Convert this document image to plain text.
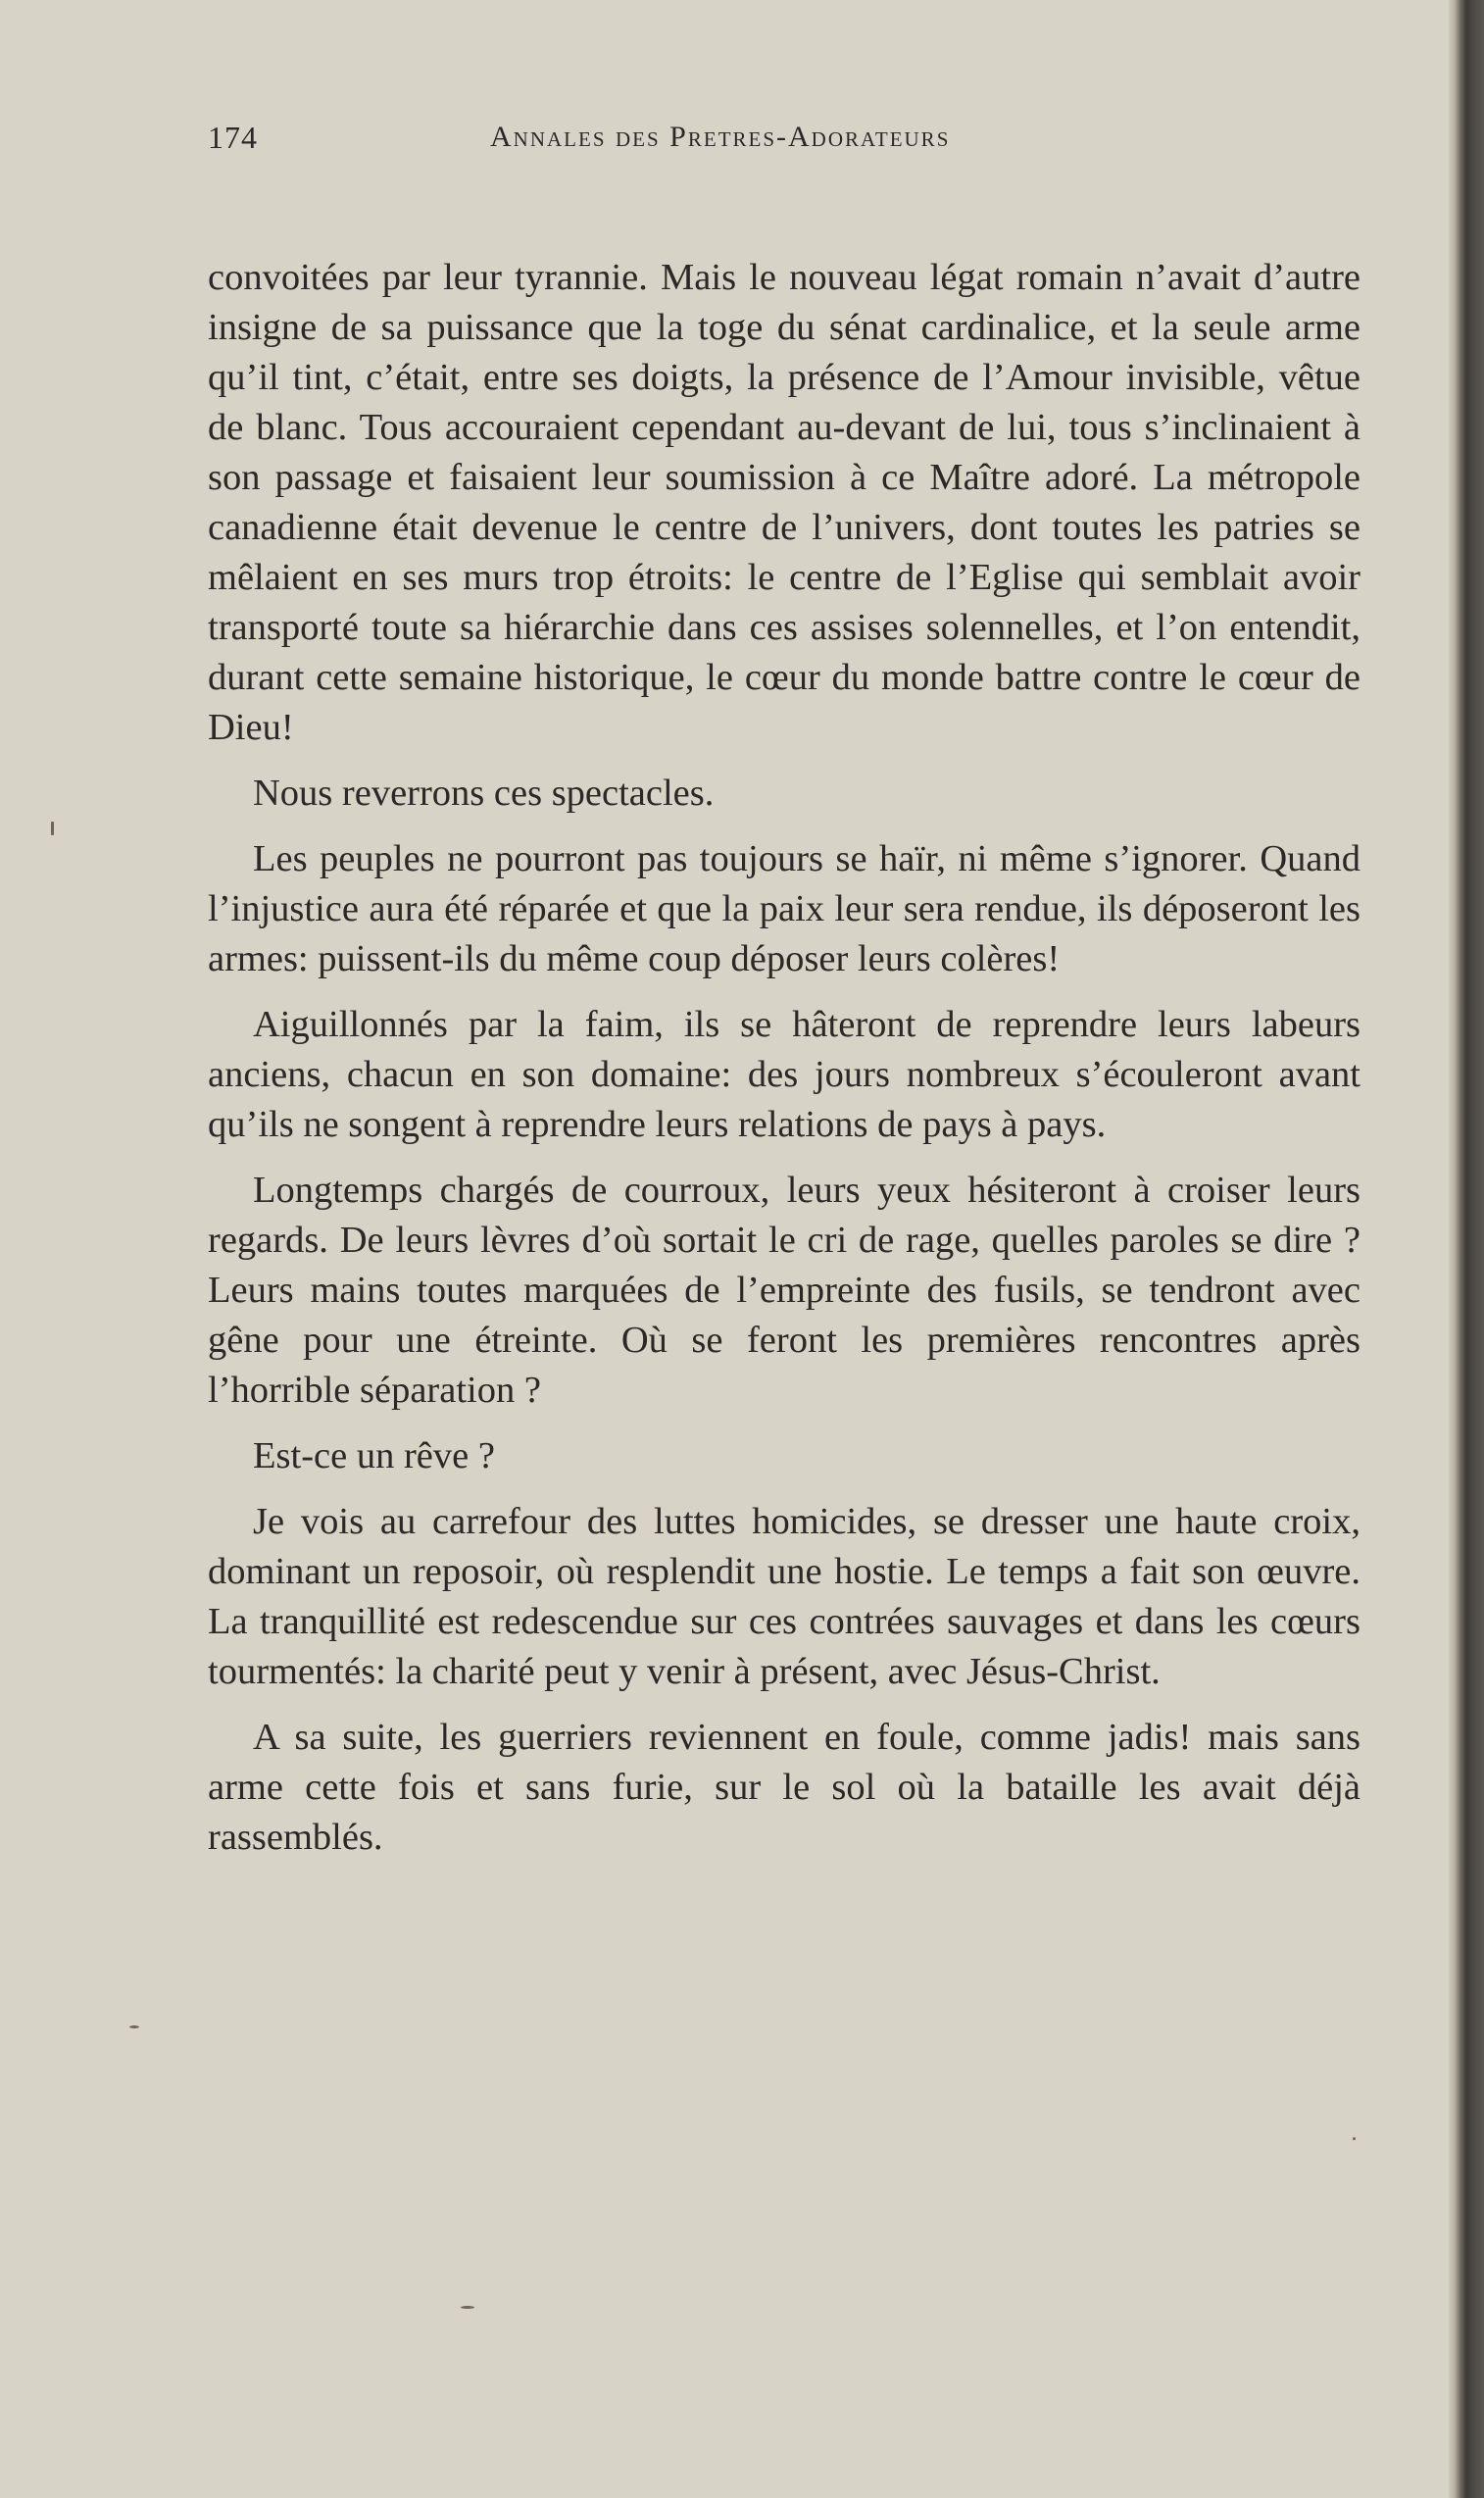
174	Annales des Pretres-Adorateurs

convoitées par leur tyrannie. Mais le nouveau légat romain n’avait d’autre insigne de sa puissance que la toge du sénat cardinalice, et la seule arme qu’il tint, c’était, entre ses doigts, la présence de l’Amour invisible, vêtue de blanc. Tous accouraient cependant au-devant de lui, tous s’inclinaient à son passage et faisaient leur soumission à ce Maître adoré. La métropole canadienne était devenue le centre de l’univers, dont toutes les patries se mêlaient en ses murs trop étroits: le centre de l’Eglise qui semblait avoir transporté toute sa hiérarchie dans ces assises solennelles, et l’on entendit, durant cette semaine historique, le cœur du monde battre contre le cœur de Dieu!

Nous reverrons ces spectacles.

Les peuples ne pourront pas toujours se haïr, ni même s’ignorer. Quand l’injustice aura été réparée et que la paix leur sera rendue, ils déposeront les armes: puissent-ils du même coup déposer leurs colères!

Aiguillonnés par la faim, ils se hâteront de reprendre leurs labeurs anciens, chacun en son domaine: des jours nombreux s’écouleront avant qu’ils ne songent à reprendre leurs relations de pays à pays.

Longtemps chargés de courroux, leurs yeux hésiteront à croiser leurs regards. De leurs lèvres d’où sortait le cri de rage, quelles paroles se dire ? Leurs mains toutes marquées de l’empreinte des fusils, se tendront avec gêne pour une étreinte. Où se feront les premières rencontres après l’horrible séparation ?

Est-ce un rêve ?

Je vois au carrefour des luttes homicides, se dresser une haute croix, dominant un reposoir, où resplendit une hostie. Le temps a fait son œuvre. La tranquillité est redescendue sur ces contrées sauvages et dans les cœurs tourmentés: la charité peut y venir à présent, avec Jésus-Christ.

A sa suite, les guerriers reviennent en foule, comme jadis! mais sans arme cette fois et sans furie, sur le sol où la bataille les avait déjà rassemblés.
